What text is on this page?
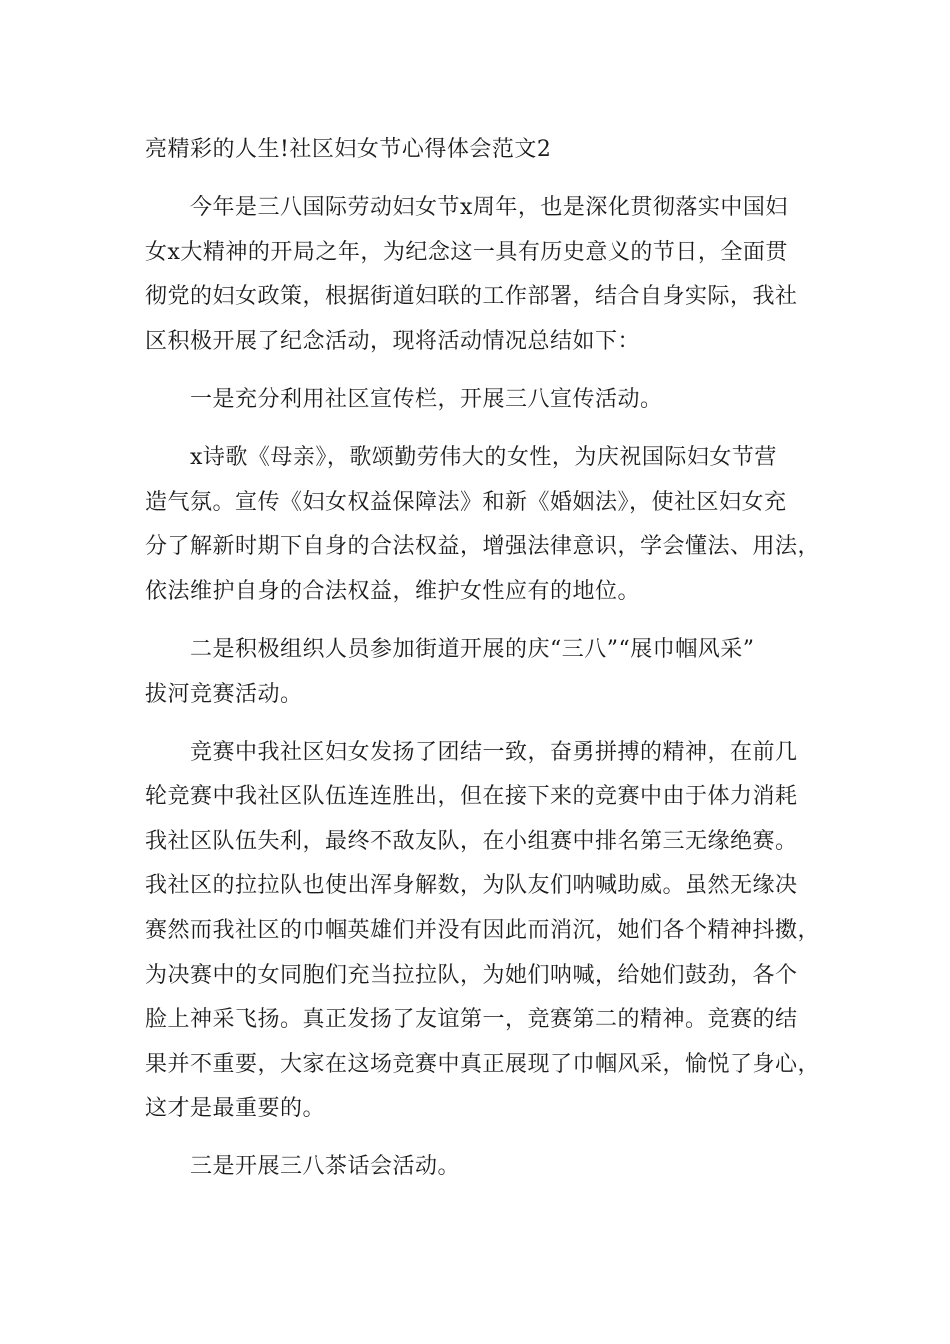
亮精彩的人生!社区妇女节心得体会范文2
今年是三八国际劳动妇女节x周年，也是深化贯彻落实中国妇
女x大精神的开局之年，为纪念这一具有历史意义的节日，全面贯
彻党的妇女政策，根据街道妇联的工作部署，结合自身实际，我社
区积极开展了纪念活动，现将活动情况总结如下：
一是充分利用社区宣传栏，开展三八宣传活动。
x诗歌《母亲》，歌颂勤劳伟大的女性，为庆祝国际妇女节营
造气氛。宣传《妇女权益保障法》和新《婚姻法》，使社区妇女充
分了解新时期下自身的合法权益，增强法律意识，学会懂法、用法，
依法维护自身的合法权益，维护女性应有的地位。
二是积极组织人员参加街道开展的庆“三八”“展巾帼风采”
拔河竞赛活动。
竞赛中我社区妇女发扬了团结一致，奋勇拼搏的精神，在前几
轮竞赛中我社区队伍连连胜出，但在接下来的竞赛中由于体力消耗
我社区队伍失利，最终不敌友队，在小组赛中排名第三无缘绝赛。
我社区的拉拉队也使出浑身解数，为队友们呐喊助威。虽然无缘决
赛然而我社区的巾帼英雄们并没有因此而消沉，她们各个精神抖擞，
为决赛中的女同胞们充当拉拉队，为她们呐喊，给她们鼓劲，各个
脸上神采飞扬。真正发扬了友谊第一，竞赛第二的精神。竞赛的结
果并不重要，大家在这场竞赛中真正展现了巾帼风采，愉悦了身心，
这才是最重要的。
三是开展三八茶话会活动。
